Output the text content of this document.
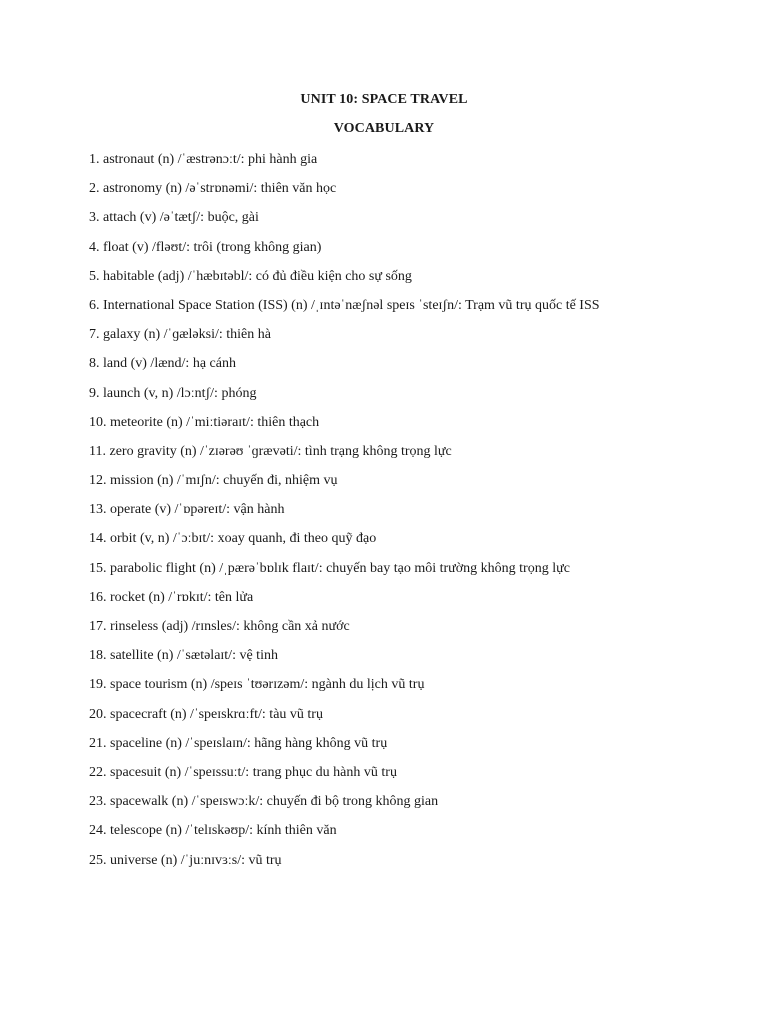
UNIT 10: SPACE TRAVEL
VOCABULARY
1. astronaut (n) /ˈæstrənɔːt/: phi hành gia
2. astronomy (n) /əˈstrɒnəmi/: thiên văn học
3. attach (v) /əˈtætʃ/: buộc, gài
4. float (v) /fləʊt/: trôi (trong không gian)
5. habitable (adj) /ˈhæbɪtəbl/: có đủ điều kiện cho sự sống
6. International Space Station (ISS) (n) /ˌɪntəˈnæʃnəl speɪs ˈsteɪʃn/: Trạm vũ trụ quốc tế ISS
7. galaxy (n) /ˈɡæləksi/: thiên hà
8. land (v) /lænd/: hạ cánh
9. launch (v, n) /lɔːntʃ/: phóng
10. meteorite (n) /ˈmiːtiəraɪt/: thiên thạch
11. zero gravity (n) /ˈzɪərəʊ ˈɡrævəti/: tình trạng không trọng lực
12. mission (n) /ˈmɪʃn/: chuyến đi, nhiệm vụ
13. operate (v) /ˈɒpəreɪt/: vận hành
14. orbit (v, n) /ˈɔːbɪt/: xoay quanh, đi theo quỹ đạo
15. parabolic flight (n) /ˌpærəˈbɒlɪk flaɪt/: chuyến bay tạo môi trường không trọng lực
16. rocket (n) /ˈrɒkɪt/: tên lửa
17. rinseless (adj) /rɪnsles/: không cần xả nước
18. satellite (n) /ˈsætəlaɪt/: vệ tinh
19. space tourism (n) /speɪs ˈtʊərɪzəm/: ngành du lịch vũ trụ
20. spacecraft (n) /ˈspeɪskrɑːft/: tàu vũ trụ
21. spaceline (n) /ˈspeɪslaɪn/: hãng hàng không vũ trụ
22. spacesuit (n) /ˈspeɪssuːt/: trang phục du hành vũ trụ
23. spacewalk (n) /ˈspeɪswɔːk/: chuyến đi bộ trong không gian
24. telescope (n) /ˈtelɪskəʊp/: kính thiên văn
25. universe (n) /ˈjuːnɪvɜːs/: vũ trụ
